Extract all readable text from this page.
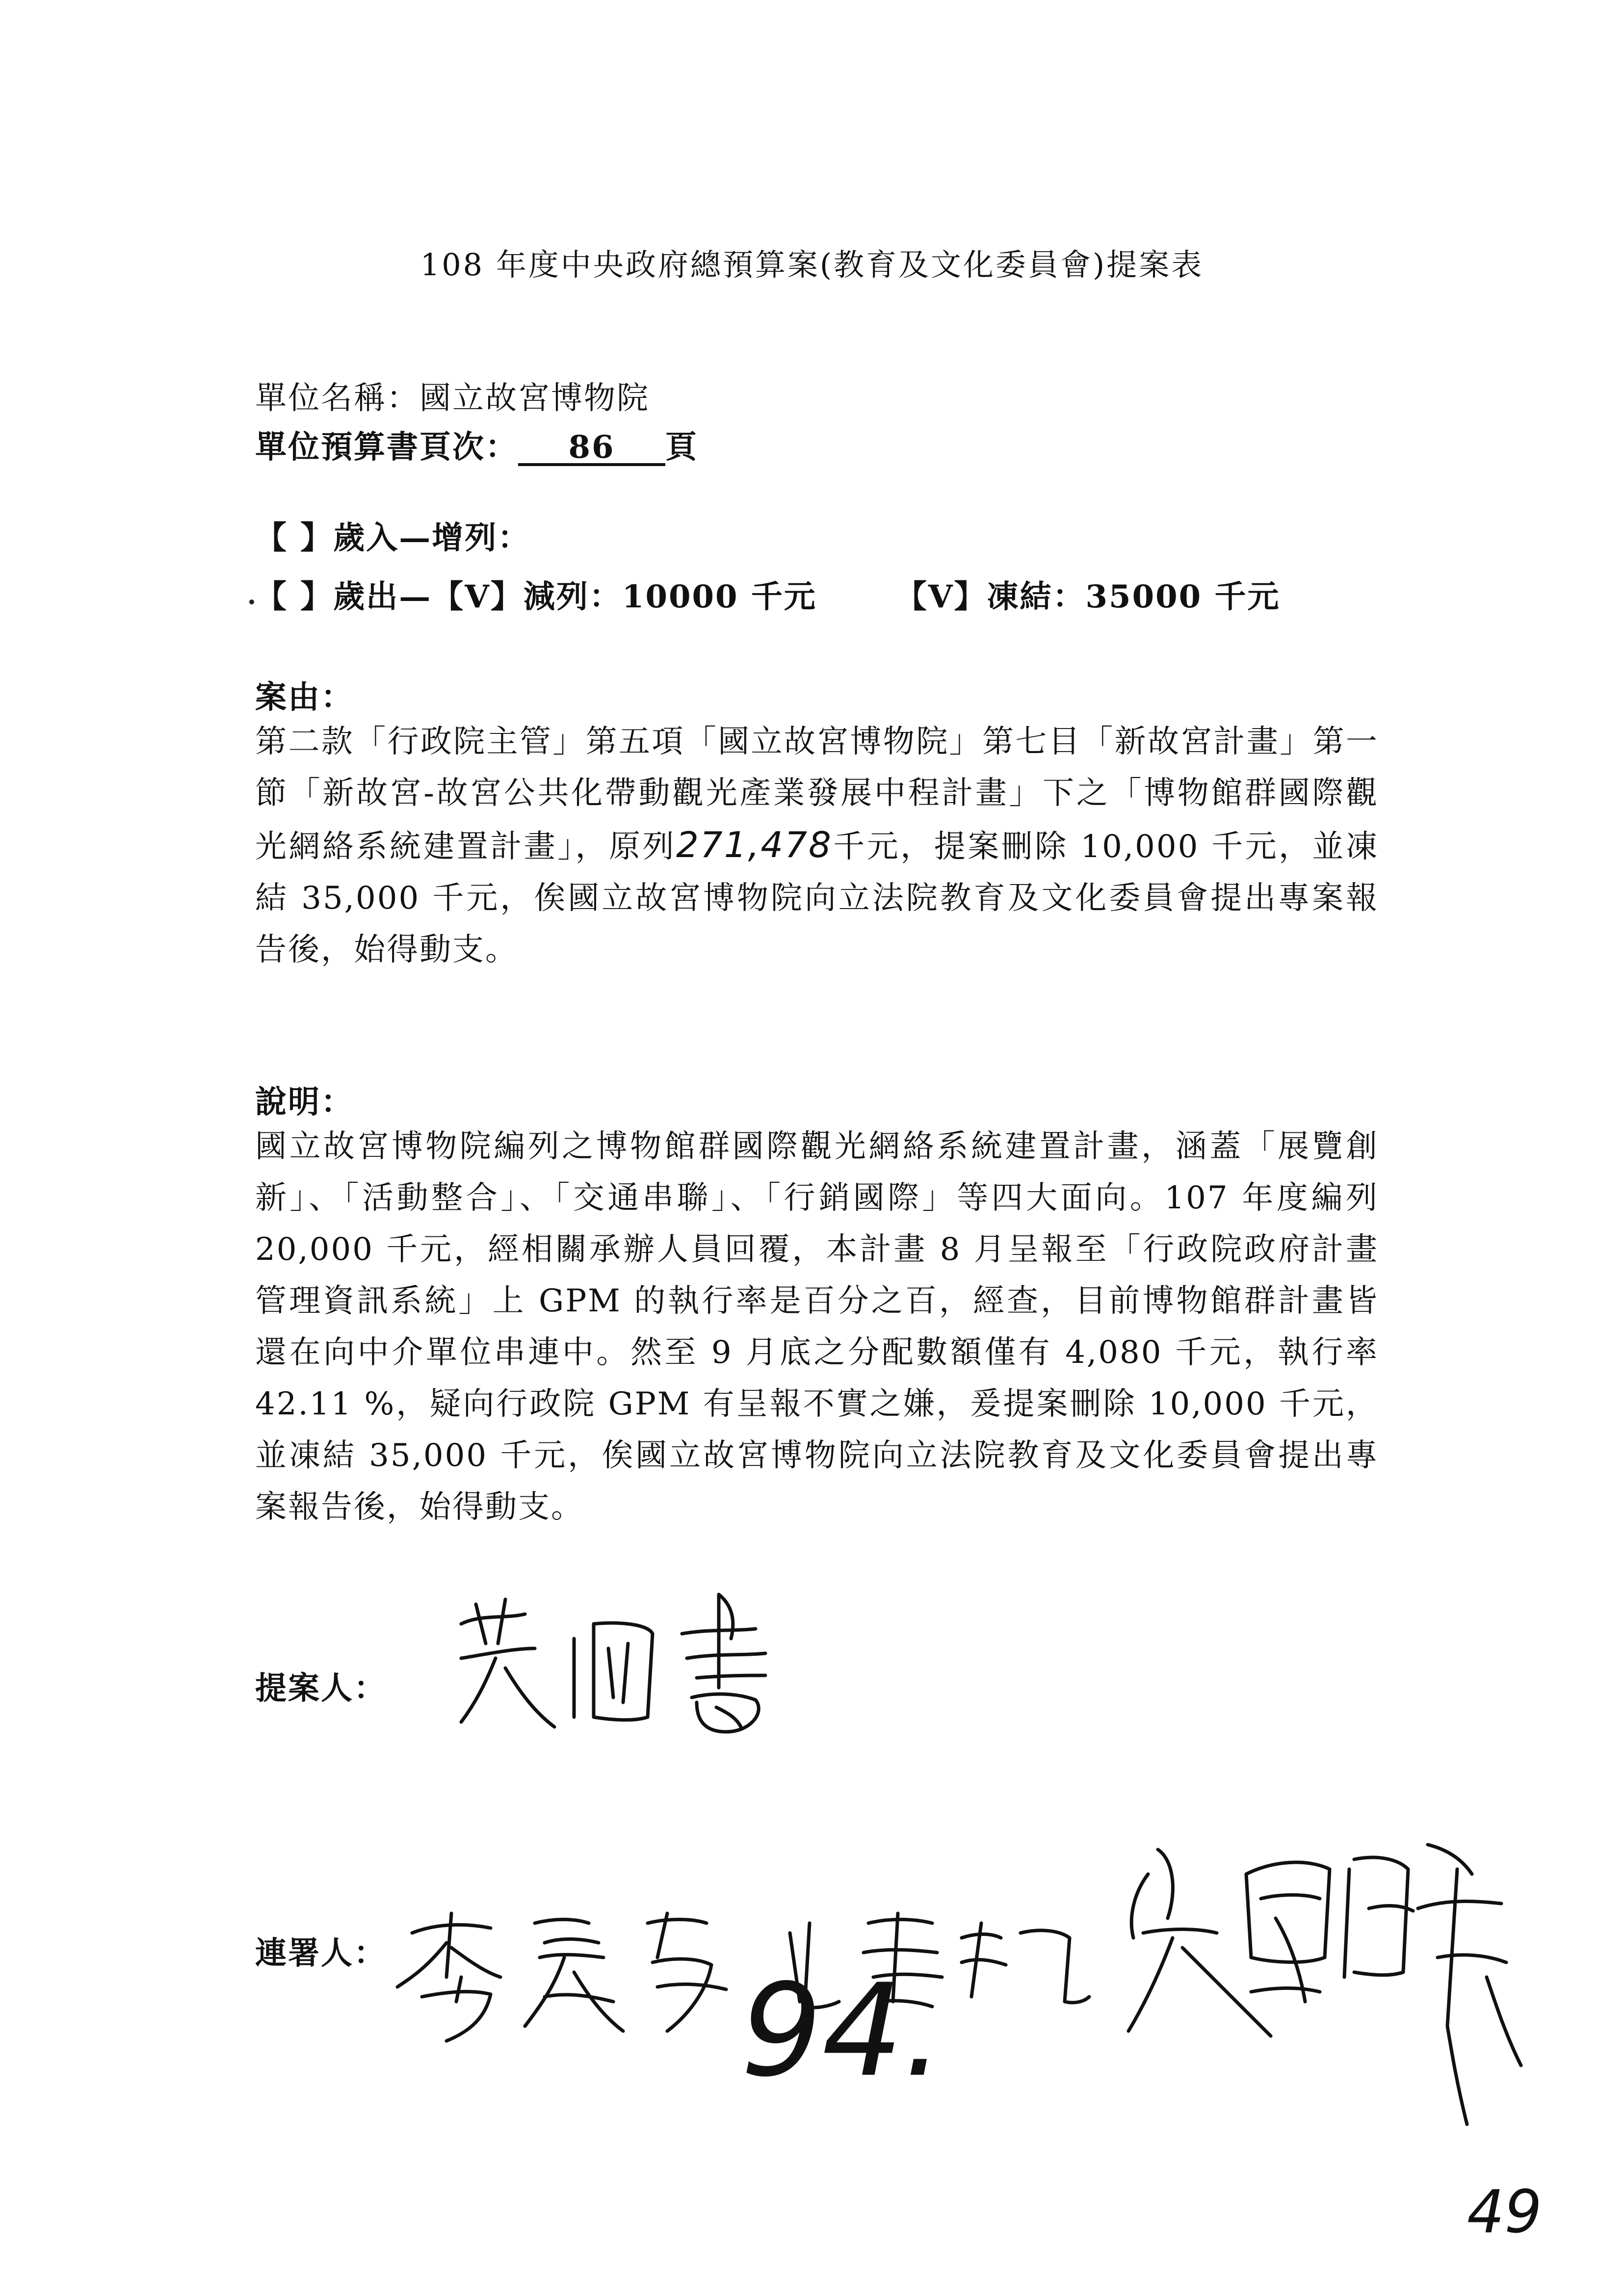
108 年度中央政府總預算案(教育及文化委員會)提案表

單位名稱：國立故宮博物院

單位預算書頁次： 86 頁

【 】歲入—增列：

【 】歲出—【V】減列：10000 千元	【V】凍結：35000 千元

案由：

第二款「行政院主管」第五項「國立故宮博物院」第七目「新故宮計畫」第一節「新故宮-故宮公共化帶動觀光產業發展中程計畫」下之「博物館群國際觀光網絡系統建置計畫」，原列271,478千元，提案刪除 10,000 千元，並凍結 35,000 千元，俟國立故宮博物院向立法院教育及文化委員會提出專案報告後，始得動支。

說明：

國立故宮博物院編列之博物館群國際觀光網絡系統建置計畫，涵蓋「展覽創新」、「活動整合」、「交通串聯」、「行銷國際」等四大面向。107 年度編列 20,000 千元，經相關承辦人員回覆，本計畫 8 月呈報至「行政院政府計畫管理資訊系統」上 GPM 的執行率是百分之百，經查，目前博物館群計畫皆還在向中介單位串連中。然至 9 月底之分配數額僅有 4,080 千元，執行率 42.11 %，疑向行政院 GPM 有呈報不實之嫌，爰提案刪除 10,000 千元，並凍結 35,000 千元，俟國立故宮博物院向立法院教育及文化委員會提出專案報告後，始得動支。

提案人：

連署人：

94.
49
